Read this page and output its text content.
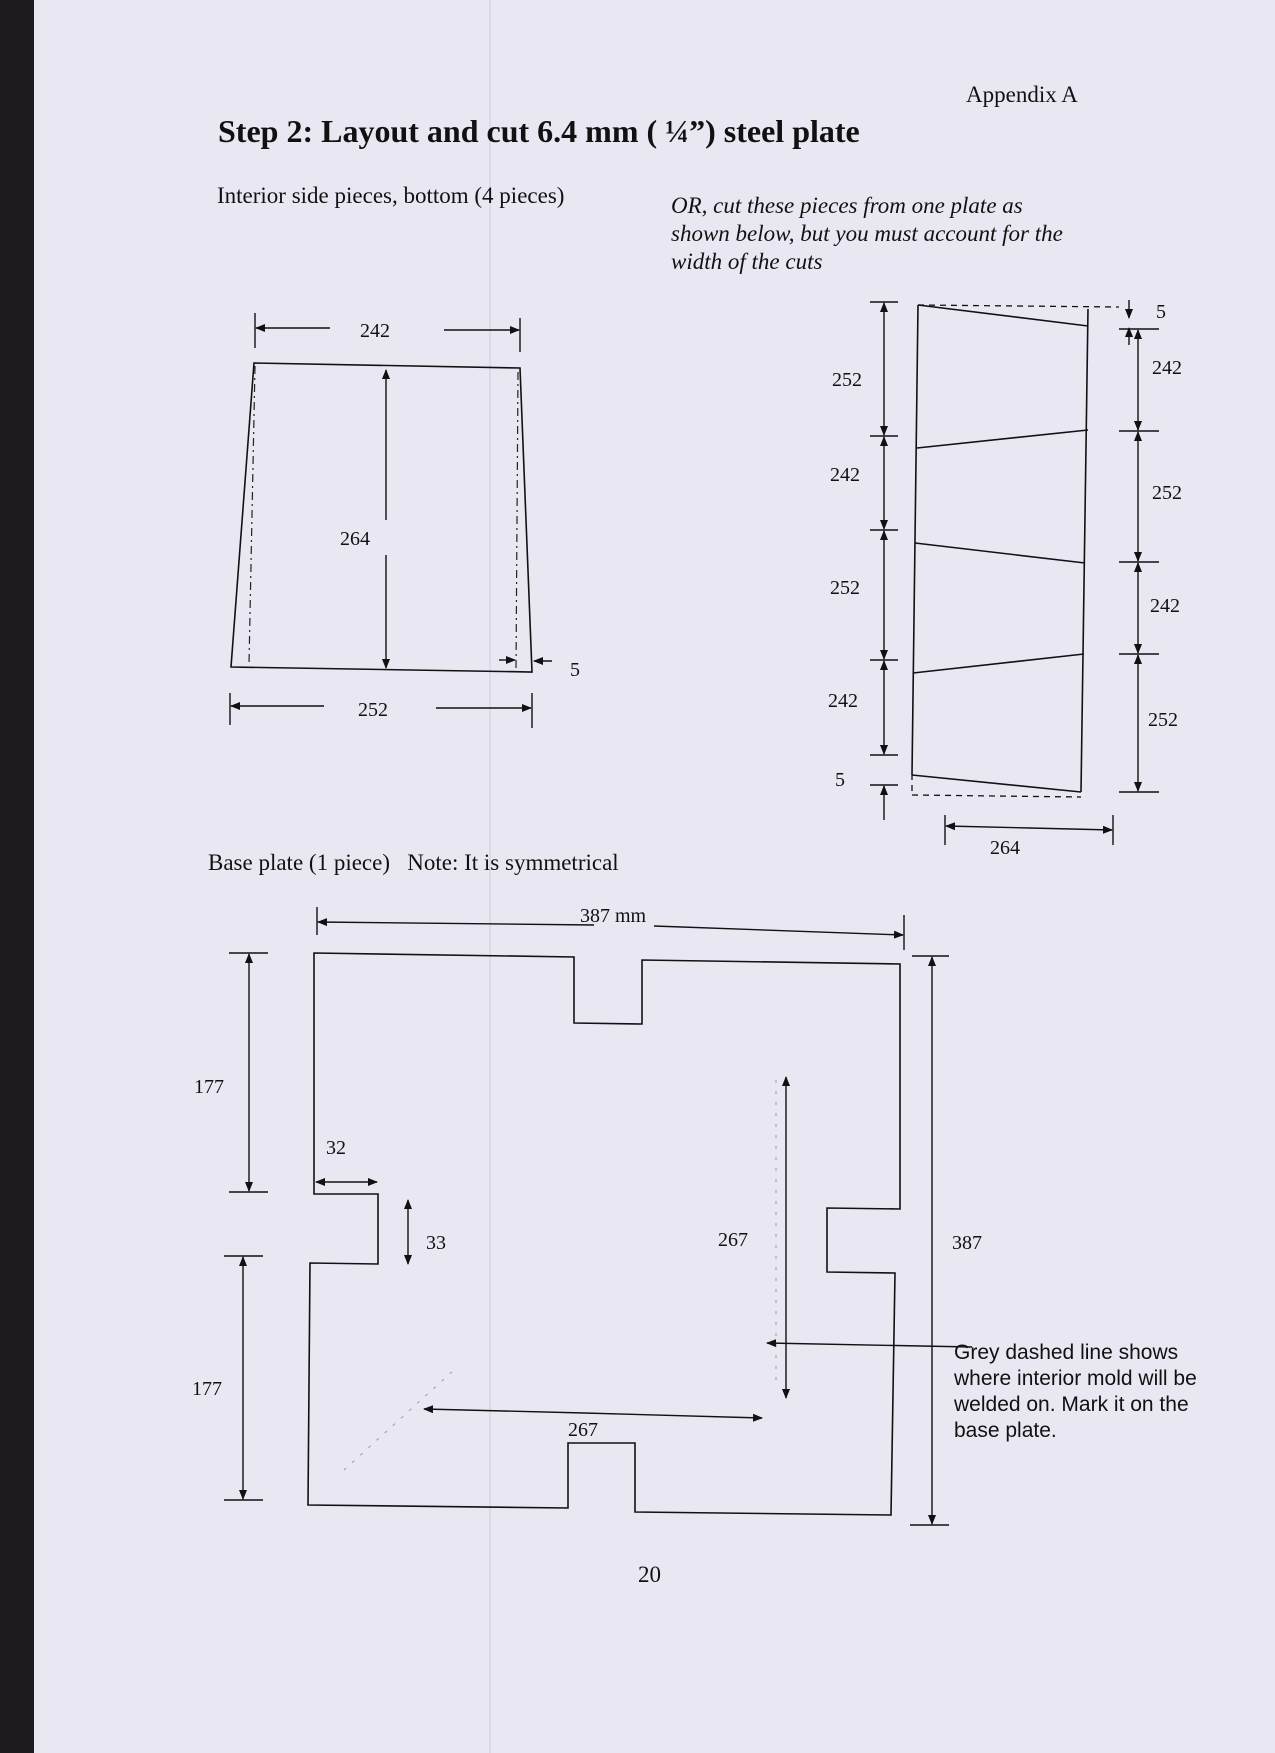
Appendix A
Step 2: Layout and cut 6.4 mm ( ¼”) steel plate
Interior side pieces, bottom (4 pieces)	OR, cut these pieces from one plate as shown below, but you must account for the width of the cuts
242
264
252
5
252
242
252
242
5
5
242
252
242
252
264
387 mm
387
177
177
32
33	267
267
Base plate (1 piece) Note: It is symmetrical
Grey dashed line shows where interior mold will be welded on. Mark it on the base plate.
20
